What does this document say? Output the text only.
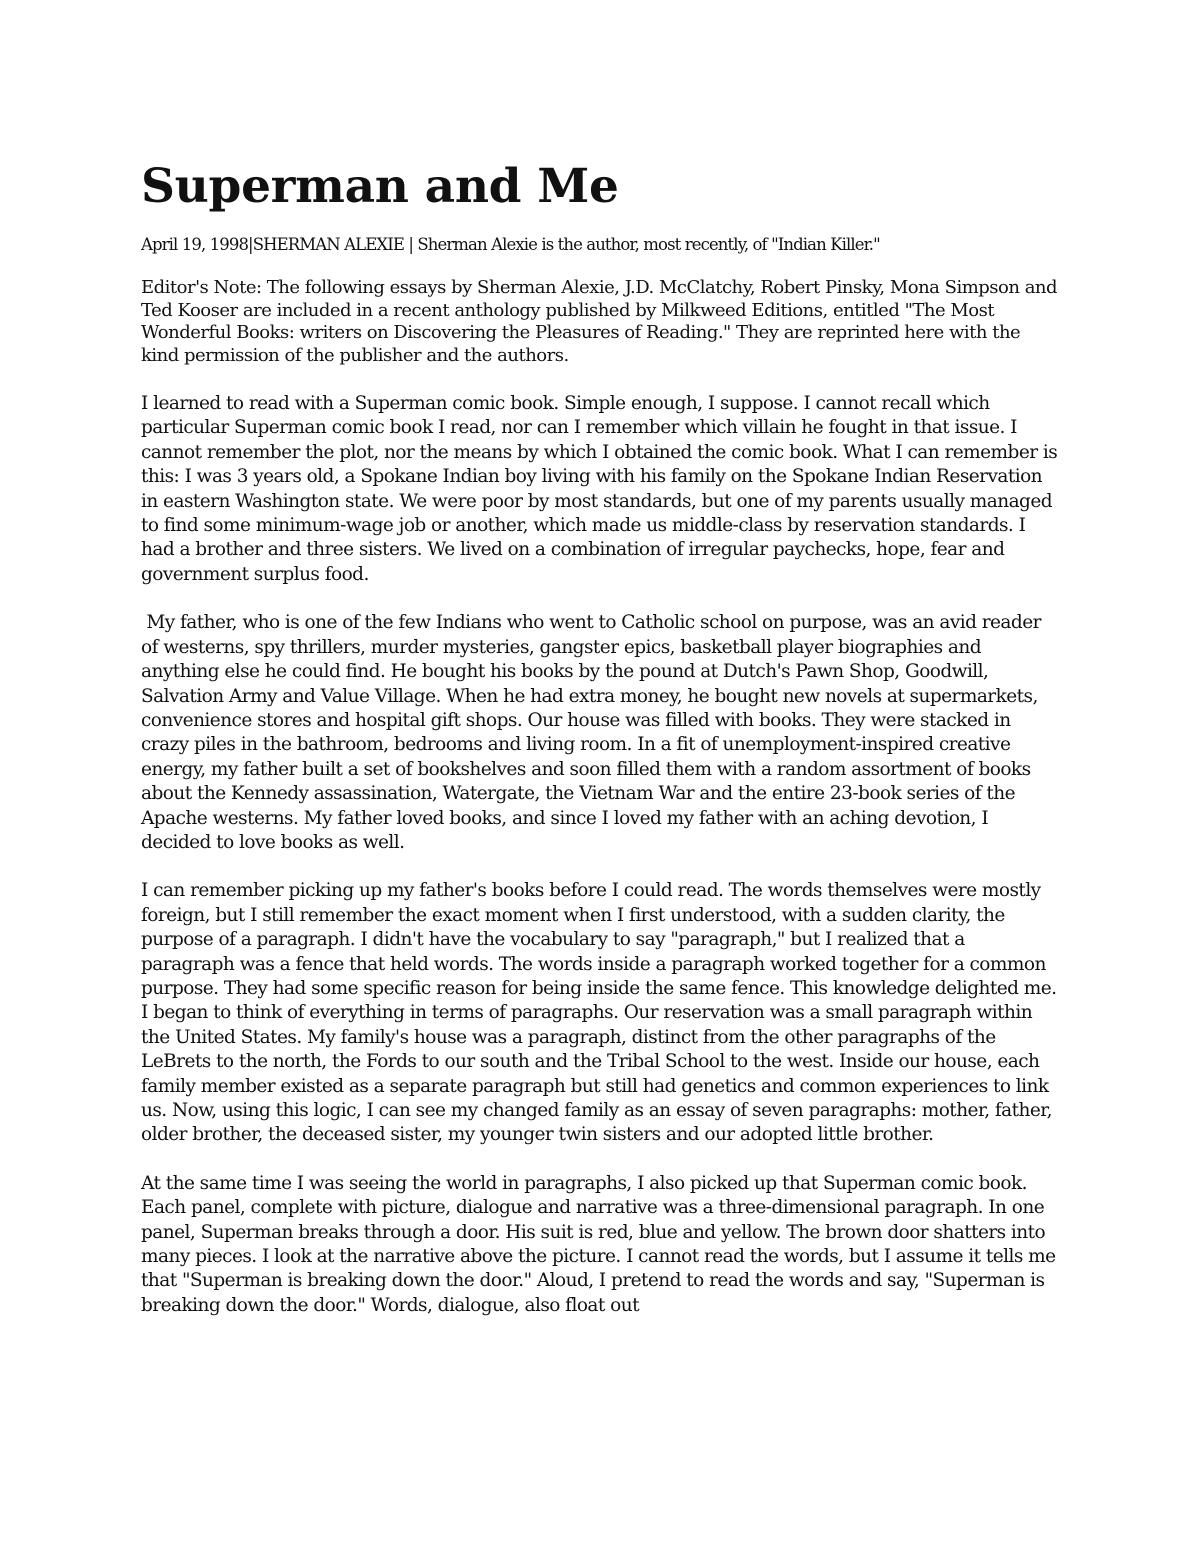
Superman and Me

April 19, 1998|SHERMAN ALEXIE | Sherman Alexie is the author, most recently, of "Indian Killer."

Editor's Note: The following essays by Sherman Alexie, J.D. McClatchy, Robert Pinsky, Mona Simpson and Ted Kooser are included in a recent anthology published by Milkweed Editions, entitled "The Most Wonderful Books: writers on Discovering the Pleasures of Reading." They are reprinted here with the kind permission of the publisher and the authors.

I learned to read with a Superman comic book. Simple enough, I suppose. I cannot recall which particular Superman comic book I read, nor can I remember which villain he fought in that issue. I cannot remember the plot, nor the means by which I obtained the comic book. What I can remember is this: I was 3 years old, a Spokane Indian boy living with his family on the Spokane Indian Reservation in eastern Washington state. We were poor by most standards, but one of my parents usually managed to find some minimum-wage job or another, which made us middle-class by reservation standards. I had a brother and three sisters. We lived on a combination of irregular paychecks, hope, fear and government surplus food.

My father, who is one of the few Indians who went to Catholic school on purpose, was an avid reader of westerns, spy thrillers, murder mysteries, gangster epics, basketball player biographies and anything else he could find. He bought his books by the pound at Dutch's Pawn Shop, Goodwill, Salvation Army and Value Village. When he had extra money, he bought new novels at supermarkets, convenience stores and hospital gift shops. Our house was filled with books. They were stacked in crazy piles in the bathroom, bedrooms and living room. In a fit of unemployment-inspired creative energy, my father built a set of bookshelves and soon filled them with a random assortment of books about the Kennedy assassination, Watergate, the Vietnam War and the entire 23-book series of the Apache westerns. My father loved books, and since I loved my father with an aching devotion, I decided to love books as well.

I can remember picking up my father's books before I could read. The words themselves were mostly foreign, but I still remember the exact moment when I first understood, with a sudden clarity, the purpose of a paragraph. I didn't have the vocabulary to say "paragraph," but I realized that a paragraph was a fence that held words. The words inside a paragraph worked together for a common purpose. They had some specific reason for being inside the same fence. This knowledge delighted me. I began to think of everything in terms of paragraphs. Our reservation was a small paragraph within the United States. My family's house was a paragraph, distinct from the other paragraphs of the LeBrets to the north, the Fords to our south and the Tribal School to the west. Inside our house, each family member existed as a separate paragraph but still had genetics and common experiences to link us. Now, using this logic, I can see my changed family as an essay of seven paragraphs: mother, father, older brother, the deceased sister, my younger twin sisters and our adopted little brother.

At the same time I was seeing the world in paragraphs, I also picked up that Superman comic book. Each panel, complete with picture, dialogue and narrative was a three-dimensional paragraph. In one panel, Superman breaks through a door. His suit is red, blue and yellow. The brown door shatters into many pieces. I look at the narrative above the picture. I cannot read the words, but I assume it tells me that "Superman is breaking down the door." Aloud, I pretend to read the words and say, "Superman is breaking down the door." Words, dialogue, also float out
